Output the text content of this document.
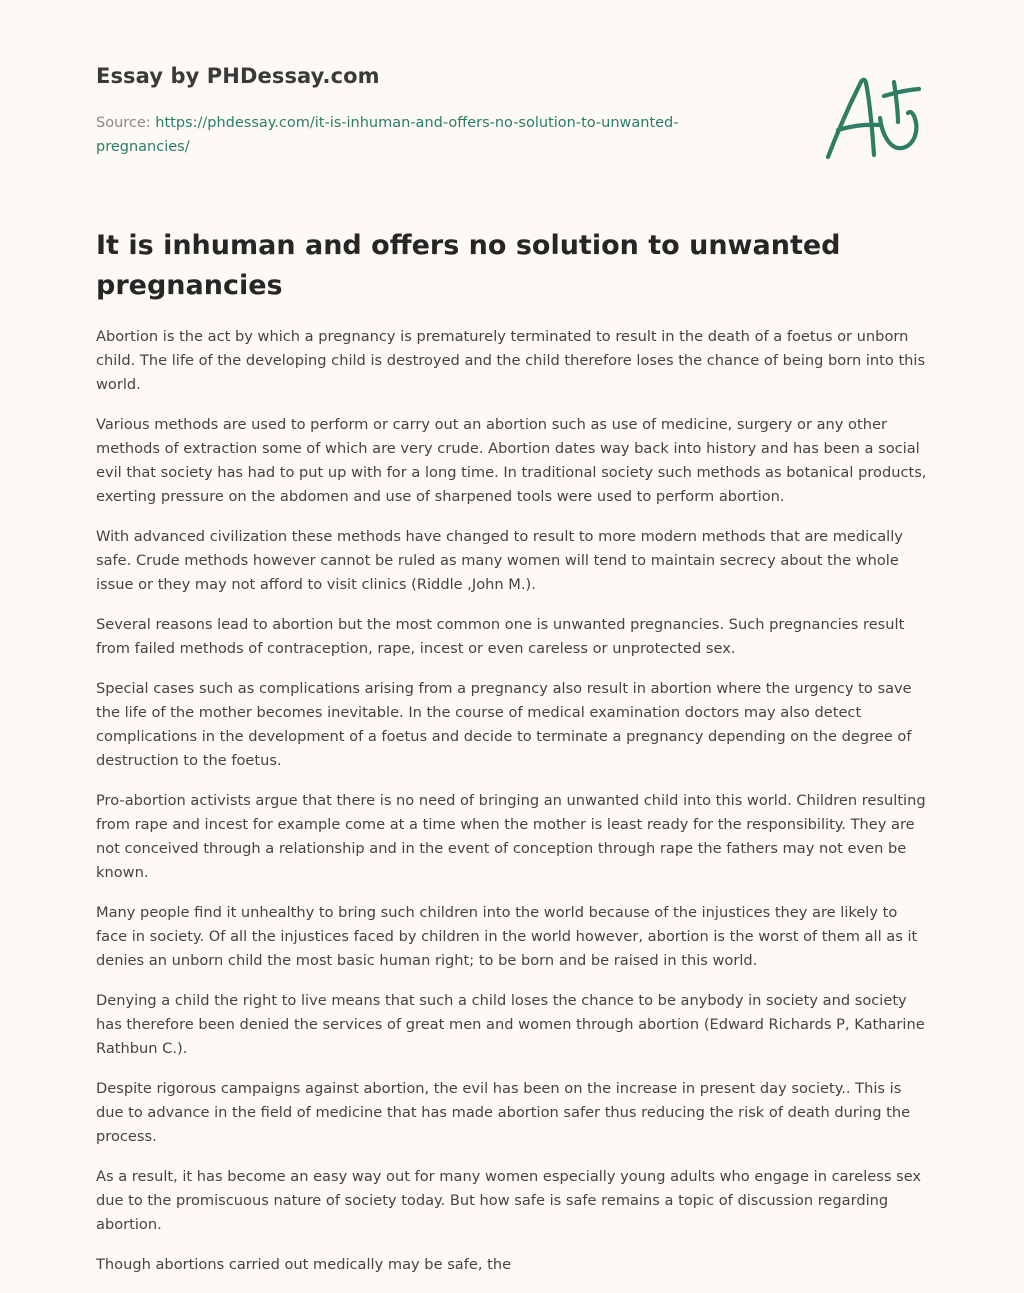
Essay by PHDessay.com
Source: https://phdessay.com/it-is-inhuman-and-offers-no-solution-to-unwanted-pregnancies/
It is inhuman and offers no solution to unwanted pregnancies

Abortion is the act by which a pregnancy is prematurely terminated to result in the death of a foetus or unborn child. The life of the developing child is destroyed and the child therefore loses the chance of being born into this world.

Various methods are used to perform or carry out an abortion such as use of medicine, surgery or any other methods of extraction some of which are very crude. Abortion dates way back into history and has been a social evil that society has had to put up with for a long time. In traditional society such methods as botanical products, exerting pressure on the abdomen and use of sharpened tools were used to perform abortion.

With advanced civilization these methods have changed to result to more modern methods that are medically safe. Crude methods however cannot be ruled as many women will tend to maintain secrecy about the whole issue or they may not afford to visit clinics (Riddle ,John M.).

Several reasons lead to abortion but the most common one is unwanted pregnancies. Such pregnancies result from failed methods of contraception, rape, incest or even careless or unprotected sex.

Special cases such as complications arising from a pregnancy also result in abortion where the urgency to save the life of the mother becomes inevitable. In the course of medical examination doctors may also detect complications in the development of a foetus and decide to terminate a pregnancy depending on the degree of destruction to the foetus.

Pro-abortion activists argue that there is no need of bringing an unwanted child into this world. Children resulting from rape and incest for example come at a time when the mother is least ready for the responsibility. They are not conceived through a relationship and in the event of conception through rape the fathers may not even be known.

Many people find it unhealthy to bring such children into the world because of the injustices they are likely to face in society. Of all the injustices faced by children in the world however, abortion is the worst of them all as it denies an unborn child the most basic human right; to be born and be raised in this world.

Denying a child the right to live means that such a child loses the chance to be anybody in society and society has therefore been denied the services of great men and women through abortion (Edward Richards P, Katharine Rathbun C.).

Despite rigorous campaigns against abortion, the evil has been on the increase in present day society.. This is due to advance in the field of medicine that has made abortion safer thus reducing the risk of death during the process.

As a result, it has become an easy way out for many women especially young adults who engage in careless sex due to the promiscuous nature of society today. But how safe is safe remains a topic of discussion regarding abortion.

Though abortions carried out medically may be safe, the
